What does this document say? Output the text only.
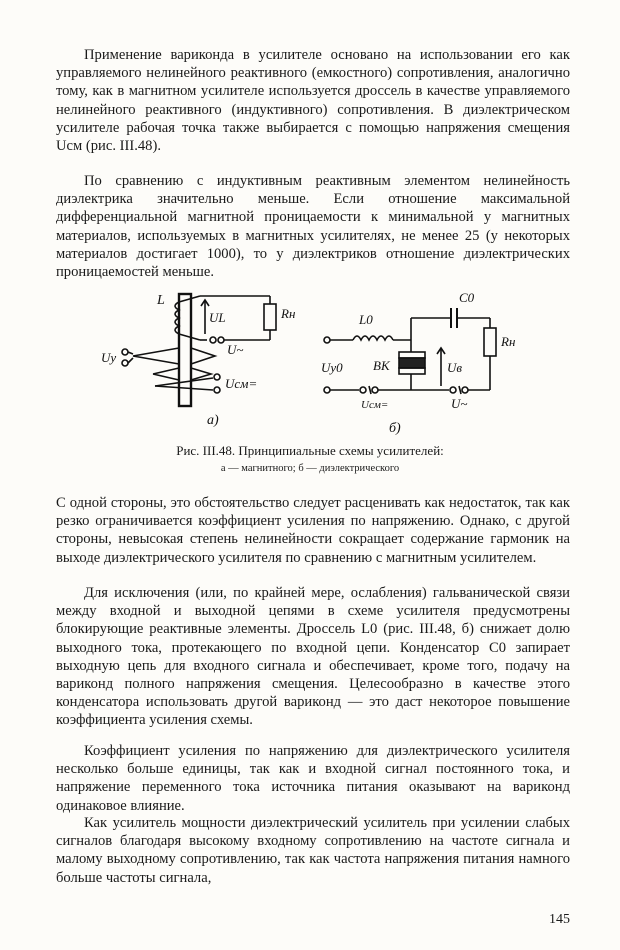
Применение вариконда в усилителе основано на использовании его как управляемого нелинейного реактивного (емкостного) сопротивления, аналогично тому, как в магнитном усилителе используется дроссель в качестве управляемого нелинейного реактивного (индуктивного) сопротивления. В диэлектрическом усилителе рабочая точка также выбирается с помощью напряжения смещения Uсм (рис. III.48).

По сравнению с индуктивным реактивным элементом нелинейность диэлектрика значительно меньше. Если отношение максимальной дифференциальной магнитной проницаемости к минимальной у магнитных материалов, используемых в магнитных усилителях, не менее 25 (у некоторых материалов достигает 1000), то у диэлектриков отношение диэлектрических проницаемостей меньше.

L
UL	Rн
U~
Uу
Uсм=
а)
L0
C0
Rн
Uу0 ВК	Uв
Uсм=	U~
б)
Рис. III.48. Принципиальные схемы усилителей:
а — магнитного; б — диэлектрического

С одной стороны, это обстоятельство следует расценивать как недостаток, так как резко ограничивается коэффициент усиления по напряжению. Однако, с другой стороны, невысокая степень нелинейности сокращает содержание гармоник на выходе диэлектрического усилителя по сравнению с магнитным усилителем.

Для исключения (или, по крайней мере, ослабления) гальванической связи между входной и выходной цепями в схеме усилителя предусмотрены блокирующие реактивные элементы. Дроссель L0 (рис. III.48, б) снижает долю выходного тока, протекающего по входной цепи. Конденсатор C0 запирает выходную цепь для входного сигнала и обеспечивает, кроме того, подачу на вариконд полного напряжения смещения. Целесообразно в качестве этого конденсатора использовать другой вариконд — это даст некоторое повышение коэффициента усиления схемы.

Коэффициент усиления по напряжению для диэлектрического усилителя несколько больше единицы, так как и входной сигнал постоянного тока, и напряжение переменного тока источника питания оказывают на вариконд одинаковое влияние.

Как усилитель мощности диэлектрический усилитель при усилении слабых сигналов благодаря высокому входному сопротивлению на частоте сигнала и малому выходному сопротивлению, так как частота напряжения питания намного больше частоты сигнала,

145
